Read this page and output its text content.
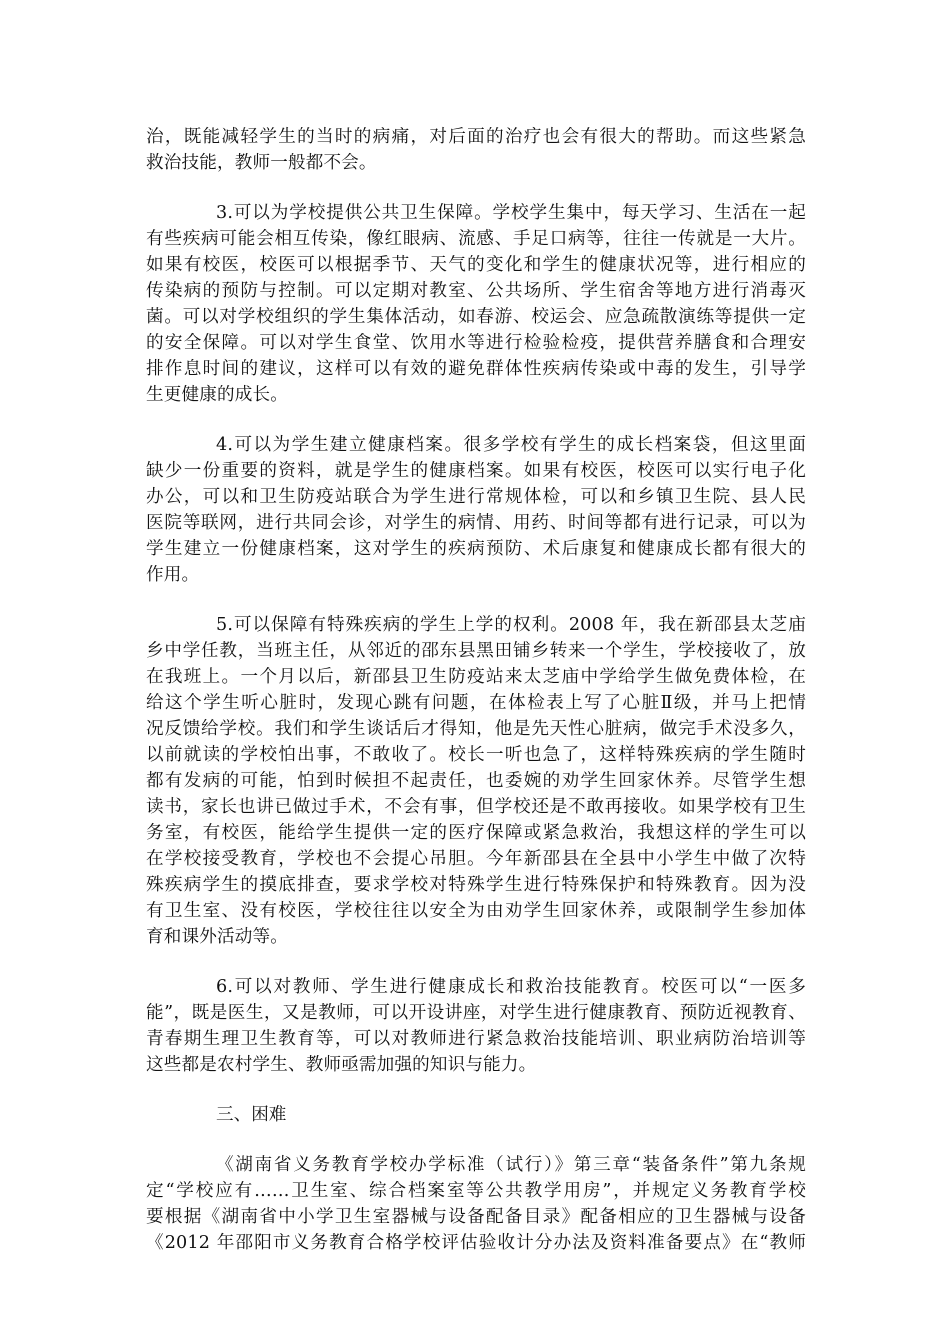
治，既能减轻学生的当时的病痛，对后面的治疗也会有很大的帮助。而这些紧急
救治技能，教师一般都不会。
3.可以为学校提供公共卫生保障。学校学生集中，每天学习、生活在一起
有些疾病可能会相互传染，像红眼病、流感、手足口病等，往往一传就是一大片。
如果有校医，校医可以根据季节、天气的变化和学生的健康状况等，进行相应的
传染病的预防与控制。可以定期对教室、公共场所、学生宿舍等地方进行消毒灭
菌。可以对学校组织的学生集体活动，如春游、校运会、应急疏散演练等提供一定
的安全保障。可以对学生食堂、饮用水等进行检验检疫，提供营养膳食和合理安
排作息时间的建议，这样可以有效的避免群体性疾病传染或中毒的发生，引导学
生更健康的成长。
4.可以为学生建立健康档案。很多学校有学生的成长档案袋，但这里面
缺少一份重要的资料，就是学生的健康档案。如果有校医，校医可以实行电子化
办公，可以和卫生防疫站联合为学生进行常规体检，可以和乡镇卫生院、县人民
医院等联网，进行共同会诊，对学生的病情、用药、时间等都有进行记录，可以为
学生建立一份健康档案，这对学生的疾病预防、术后康复和健康成长都有很大的
作用。
5.可以保障有特殊疾病的学生上学的权利。2008 年，我在新邵县太芝庙
乡中学任教，当班主任，从邻近的邵东县黑田铺乡转来一个学生，学校接收了，放
在我班上。一个月以后，新邵县卫生防疫站来太芝庙中学给学生做免费体检，在
给这个学生听心脏时，发现心跳有问题，在体检表上写了心脏Ⅱ级，并马上把情
况反馈给学校。我们和学生谈话后才得知，他是先天性心脏病，做完手术没多久，
以前就读的学校怕出事，不敢收了。校长一听也急了，这样特殊疾病的学生随时
都有发病的可能，怕到时候担不起责任，也委婉的劝学生回家休养。尽管学生想
读书，家长也讲已做过手术，不会有事，但学校还是不敢再接收。如果学校有卫生
务室，有校医，能给学生提供一定的医疗保障或紧急救治，我想这样的学生可以
在学校接受教育，学校也不会提心吊胆。今年新邵县在全县中小学生中做了次特
殊疾病学生的摸底排查，要求学校对特殊学生进行特殊保护和特殊教育。因为没
有卫生室、没有校医，学校往往以安全为由劝学生回家休养，或限制学生参加体
育和课外活动等。
6.可以对教师、学生进行健康成长和救治技能教育。校医可以“一医多
能”，既是医生，又是教师，可以开设讲座，对学生进行健康教育、预防近视教育、
青春期生理卫生教育等，可以对教师进行紧急救治技能培训、职业病防治培训等
这些都是农村学生、教师亟需加强的知识与能力。
三、困难
《湖南省义务教育学校办学标准（试行）》第三章“装备条件”第九条规
定“学校应有……卫生室、综合档案室等公共教学用房”，并规定义务教育学校
要根据《湖南省中小学卫生室器械与设备配备目录》配备相应的卫生器械与设备
《2012 年邵阳市义务教育合格学校评估验收计分办法及资料准备要点》在“教师
